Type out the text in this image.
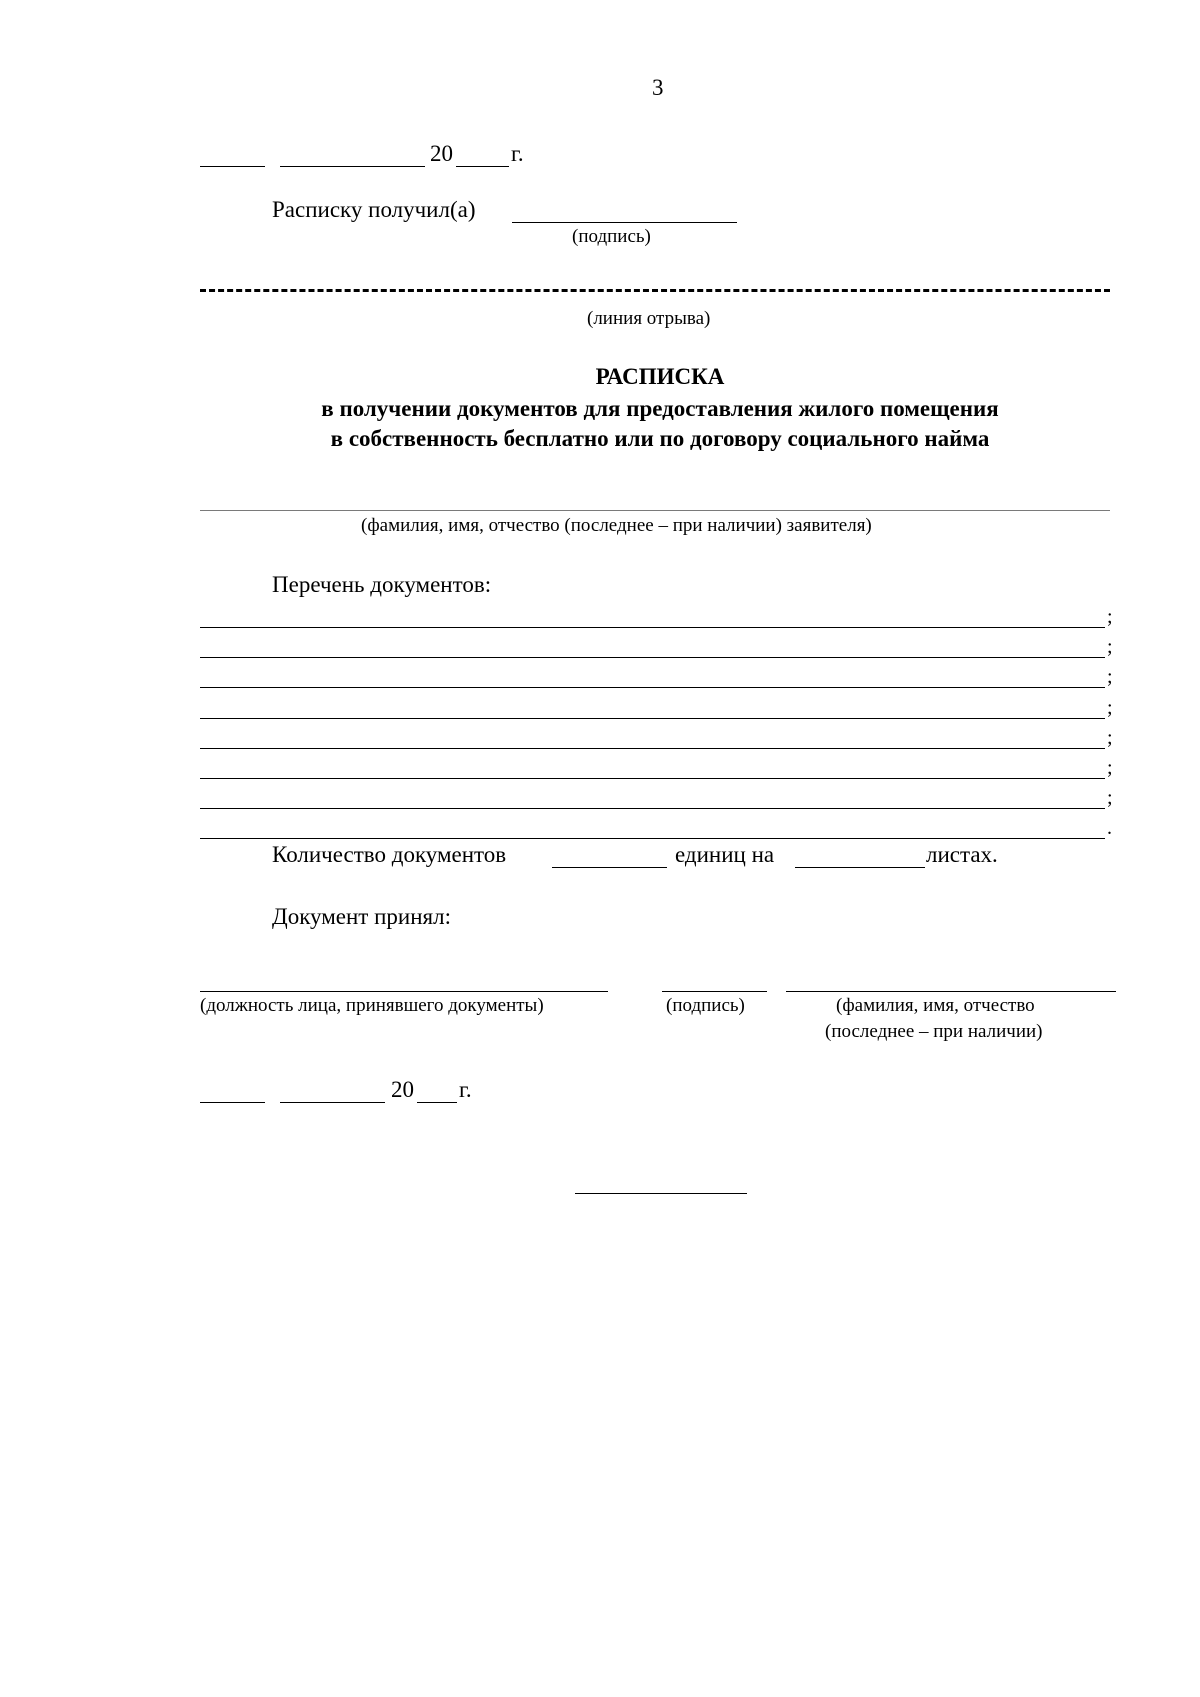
3
20	г.
Расписку получил(а)
(подпись)
(линия отрыва)
РАСПИСКА
в получении документов для предоставления жилого помещения
в собственность бесплатно или по договору социального найма
(фамилия, имя, отчество (последнее – при наличии) заявителя)
Перечень документов:
;
;
;
;
;
;
;
.
Количество документов	единиц на	листах.
Документ принял:
(должность лица, принявшего документы)	(подпись)	(фамилия, имя, отчество
(последнее – при наличии)
20 г.
